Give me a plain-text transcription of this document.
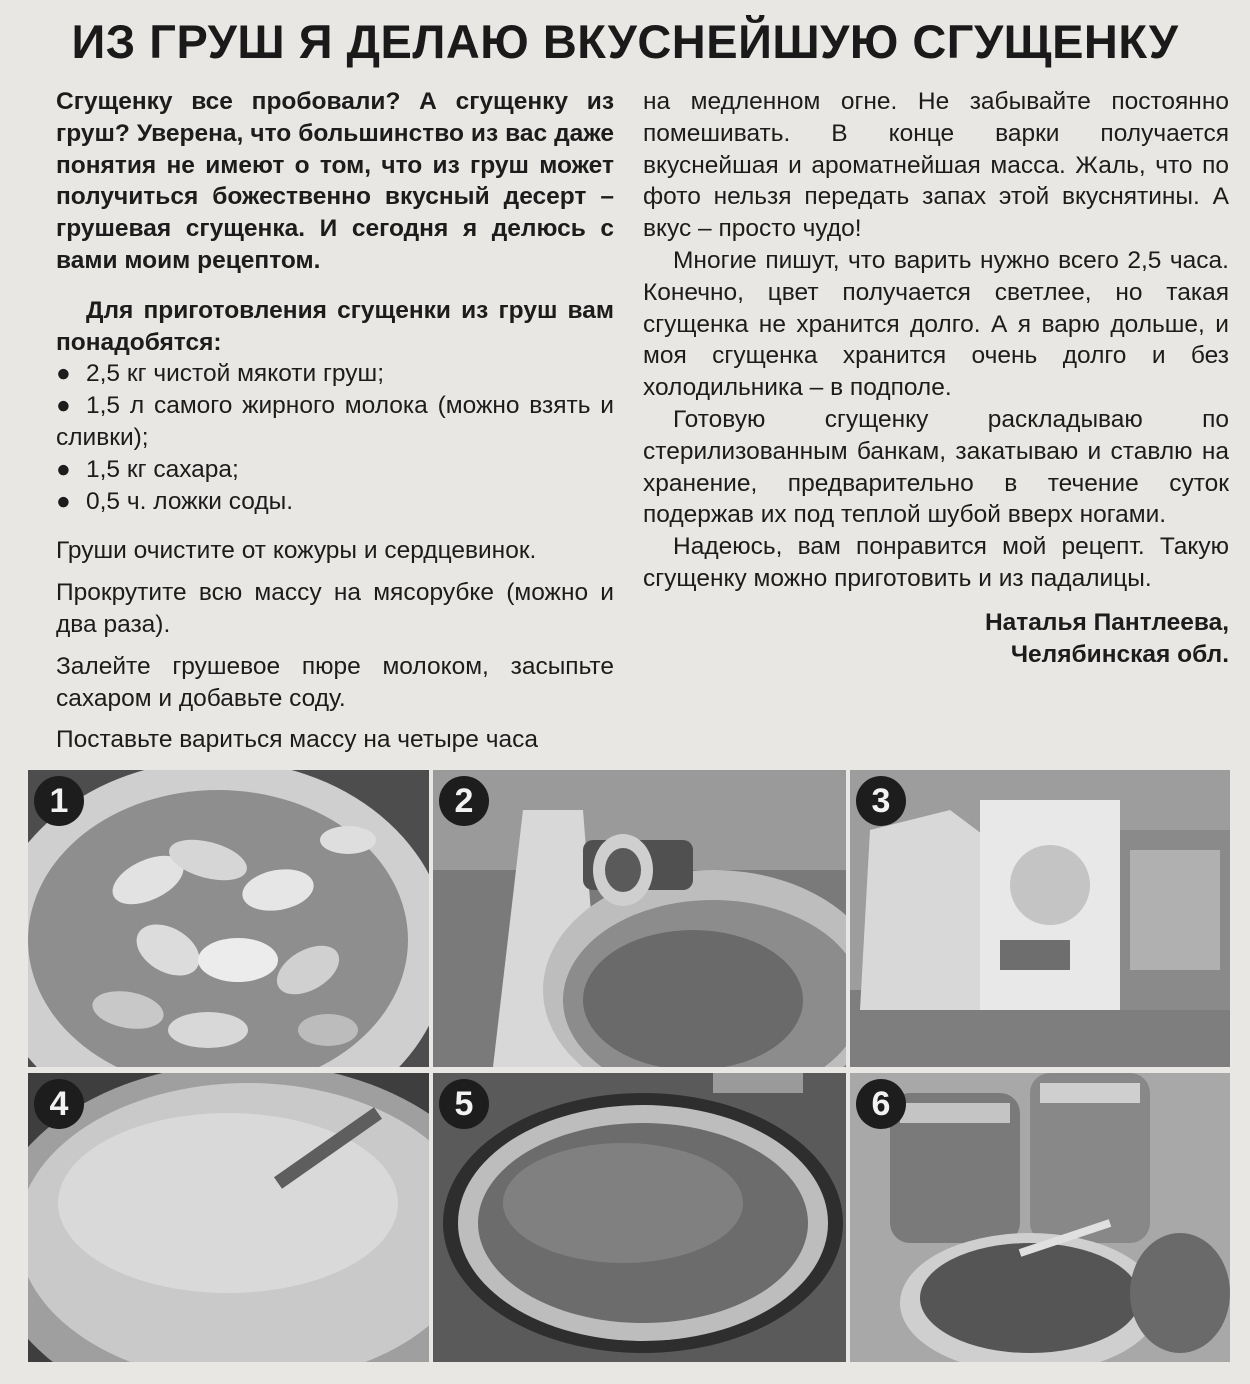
ИЗ ГРУШ Я ДЕЛАЮ ВКУСНЕЙШУЮ СГУЩЕНКУ

Сгущенку все пробовали? А сгущенку из груш? Уверена, что большинство из вас даже понятия не имеют о том, что из груш может получиться божественно вкусный десерт – грушевая сгущенка. И сегодня я делюсь с вами моим рецептом.

Для приготовления сгущенки из груш вам понадобятся:

● 2,5 кг чистой мякоти груш;
● 1,5 л самого жирного молока (можно взять и сливки);
● 1,5 кг сахара;
● 0,5 ч. ложки соды.

Груши очистите от кожуры и сердцевинок.

Прокрутите всю массу на мясорубке (можно и два раза).

Залейте грушевое пюре молоком, засыпьте сахаром и добавьте соду.

Поставьте вариться массу на четыре часа

на медленном огне. Не забывайте постоянно помешивать. В конце варки получается вкуснейшая и ароматнейшая масса. Жаль, что по фото нельзя передать запах этой вкуснятины. А вкус – просто чудо!

Многие пишут, что варить нужно всего 2,5 часа. Конечно, цвет получается светлее, но такая сгущенка не хранится долго. А я варю дольше, и моя сгущенка хранится очень долго и без холодильника – в подполе.

Готовую сгущенку раскладываю по стерилизованным банкам, закатываю и ставлю на хранение, предварительно в течение суток подержав их под теплой шубой вверх ногами.

Надеюсь, вам понравится мой рецепт. Такую сгущенку можно приготовить и из падалицы.

Наталья Пантлеева,
Челябинская обл.
1	2	3
4	5	6
